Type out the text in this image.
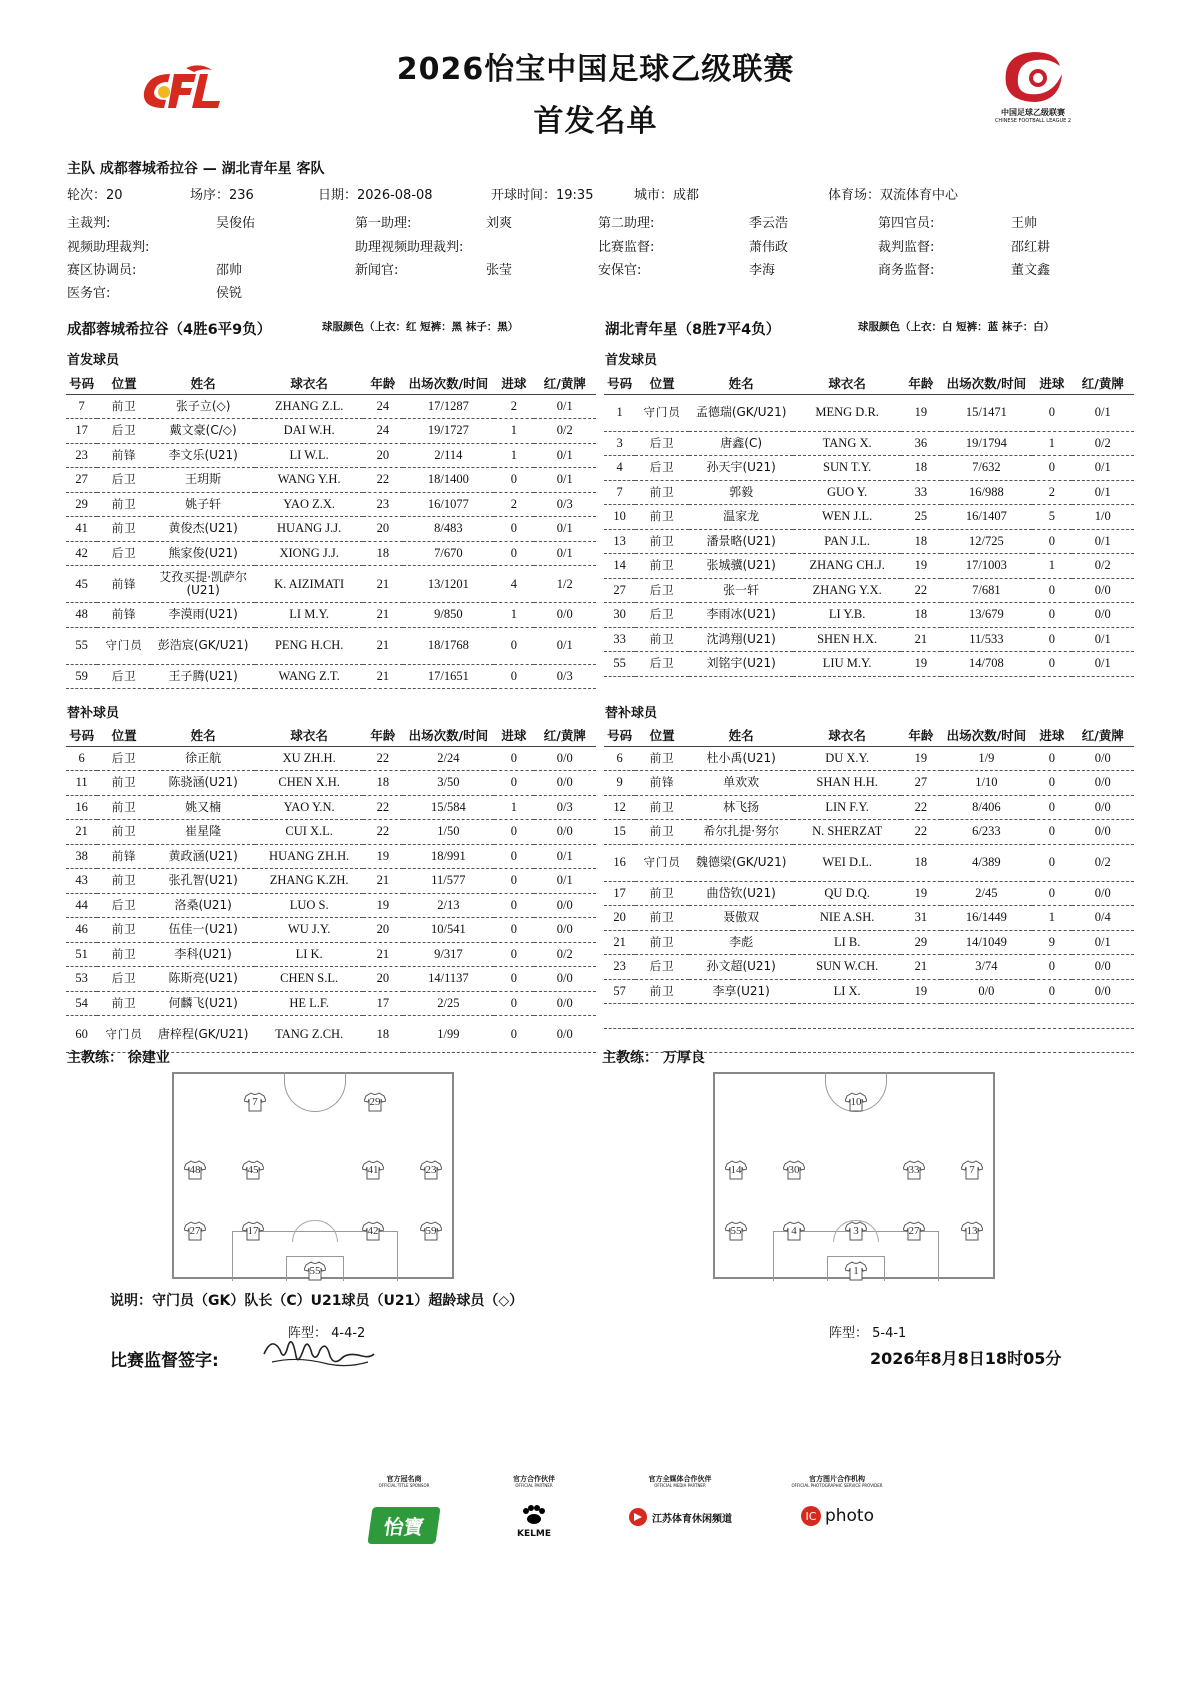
2026怡宝中国足球乙级联赛
首发名单	中国足球乙级联赛
CHINESE FOOTBALL LEAGUE 2
主队 成都蓉城希拉谷 — 湖北青年星 客队
轮次：20	场序：236	日期：2026-08-08	开球时间：19:35	城市：成都	体育场：双流体育中心
主裁判:	吴俊佑	第一助理:	刘爽	第二助理:	季云浩	第四官员:	王帅
视频助理裁判:	助理视频助理裁判:	比赛监督:	萧伟政	裁判监督:	邵红耕
赛区协调员:	邵帅	新闻官:	张莹	安保官:	李海	商务监督:	董文鑫
医务官:	侯锐
成都蓉城希拉谷（4胜6平9负）	球服颜色（上衣：红 短裤：黑 袜子：黑）	湖北青年星（8胜7平4负）	球服颜色（上衣：白 短裤：蓝 袜子：白）
首发球员	首发球员
号码	位置	姓名	球衣名	年龄	出场次数/时间	进球	红/黄牌
7	前卫	张子立(◇)	ZHANG Z.L.	24	17/1287	2	0/1
17	后卫	戴文豪(C/◇)	DAI W.H.	24	19/1727	1	0/2
23	前锋	李文乐(U21)	LI W.L.	20	2/114	1	0/1
27	后卫	王玥斯	WANG Y.H.	22	18/1400	0	0/1
29	前卫	姚子轩	YAO Z.X.	23	16/1077	2	0/3
41	前卫	黄俊杰(U21)	HUANG J.J.	20	8/483	0	0/1
42	后卫	熊家俊(U21)	XIONG J.J.	18	7/670	0	0/1
45	前锋	艾孜买提·凯萨尔(U21)	K. AIZIMATI	21	13/1201	4	1/2
48	前锋	李漠雨(U21)	LI M.Y.	21	9/850	1	0/0
55	守门员	彭浩宸(GK/U21)	PENG H.CH.	21	18/1768	0	0/1
59	后卫	王子腾(U21)	WANG Z.T.	21	17/1651	0	0/3
号码	位置	姓名	球衣名	年龄	出场次数/时间	进球	红/黄牌
1	守门员	孟德瑞(GK/U21)	MENG D.R.	19	15/1471	0	0/1
3	后卫	唐鑫(C)	TANG X.	36	19/1794	1	0/2
4	后卫	孙天宇(U21)	SUN T.Y.	18	7/632	0	0/1
7	前卫	郭毅	GUO Y.	33	16/988	2	0/1
10	前卫	温家龙	WEN J.L.	25	16/1407	5	1/0
13	前卫	潘景略(U21)	PAN J.L.	18	12/725	0	0/1
14	前卫	张城骥(U21)	ZHANG CH.J.	19	17/1003	1	0/2
27	后卫	张一轩	ZHANG Y.X.	22	7/681	0	0/0
30	后卫	李雨冰(U21)	LI Y.B.	18	13/679	0	0/0
33	前卫	沈鸿翔(U21)	SHEN H.X.	21	11/533	0	0/1
55	后卫	刘铭宇(U21)	LIU M.Y.	19	14/708	0	0/1
替补球员	替补球员
号码	位置	姓名	球衣名	年龄	出场次数/时间	进球	红/黄牌
6	后卫	徐正航	XU ZH.H.	22	2/24	0	0/0
11	前卫	陈骁涵(U21)	CHEN X.H.	18	3/50	0	0/0
16	前卫	姚又楠	YAO Y.N.	22	15/584	1	0/3
21	前卫	崔星隆	CUI X.L.	22	1/50	0	0/0
38	前锋	黄政涵(U21)	HUANG ZH.H.	19	18/991	0	0/1
43	前卫	张孔智(U21)	ZHANG K.ZH.	21	11/577	0	0/1
44	后卫	洛桑(U21)	LUO S.	19	2/13	0	0/0
46	前卫	伍佳一(U21)	WU J.Y.	20	10/541	0	0/0
51	前卫	李科(U21)	LI K.	21	9/317	0	0/2
53	后卫	陈斯亮(U21)	CHEN S.L.	20	14/1137	0	0/0
54	前卫	何麟飞(U21)	HE L.F.	17	2/25	0	0/0
60	守门员	唐梓程(GK/U21)	TANG Z.CH.	18	1/99	0	0/0
号码	位置	姓名	球衣名	年龄	出场次数/时间	进球	红/黄牌
6	前卫	杜小禹(U21)	DU X.Y.	19	1/9	0	0/0
9	前锋	单欢欢	SHAN H.H.	27	1/10	0	0/0
12	前卫	林飞扬	LIN F.Y.	22	8/406	0	0/0
15	前卫	希尔扎提·努尔	N. SHERZAT	22	6/233	0	0/0
16	守门员	魏德梁(GK/U21)	WEI D.L.	18	4/389	0	0/2
17	前卫	曲岱钦(U21)	QU D.Q.	19	2/45	0	0/0
20	前卫	聂傲双	NIE A.SH.	31	16/1449	1	0/4
21	前卫	李彪	LI B.	29	14/1049	9	0/1
23	后卫	孙文超(U21)	SUN W.CH.	21	3/74	0	0/0
57	前卫	李享(U21)	LI X.	19	0/0	0	0/0

主教练： 徐建业	主教练： 万厚良
7	29
48	45	41	23
27	17	42	59
55
10
14	30	33	7
55	4	3	27	13
1
阵型： 4-4-2	阵型： 5-4-1
说明：守门员（GK）队长（C）U21球员（U21）超龄球员（◇）
比赛监督签字:	2026年8月8日18时05分
官方冠名商
OFFICIAL TITLE SPONSOR
怡寶
官方合作伙伴
OFFICIAL PARTNER
KELME
官方全媒体合作伙伴
OFFICIAL MEDIA PARTNER
江苏体育休闲频道
官方图片合作机构
OFFICIAL PHOTOGRAPHIC SERVICE PROVIDER
IC photo
